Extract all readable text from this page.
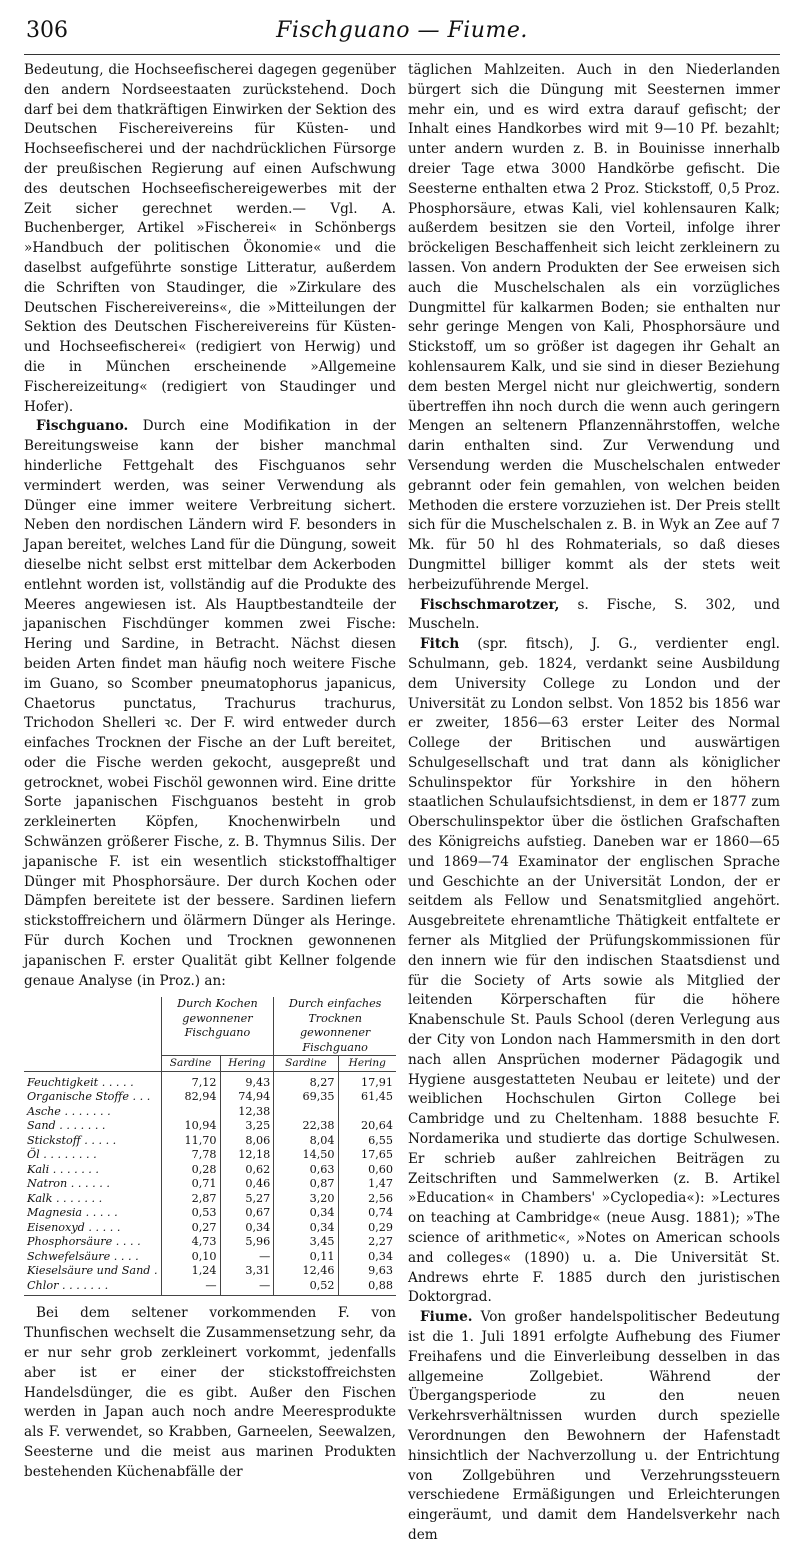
306	Fischguano — Fiume.

Bedeutung, die Hochseefischerei dagegen gegenüber den andern Nordseestaaten zurückstehend. Doch darf bei dem thatkräftigen Einwirken der Sektion des Deutschen Fischereivereins für Küsten- und Hochseefischerei und der nachdrücklichen Fürsorge der preußischen Regierung auf einen Aufschwung des deutschen Hochseefischereigewerbes mit der Zeit sicher gerechnet werden.— Vgl. A. Buchenberger, Artikel »Fischerei« in Schönbergs »Handbuch der politischen Ökonomie« und die daselbst aufgeführte sonstige Litteratur, außerdem die Schriften von Staudinger, die »Zirkulare des Deutschen Fischereivereins«, die »Mitteilungen der Sektion des Deutschen Fischereivereins für Küsten- und Hochseefischerei« (redigiert von Herwig) und die in München erscheinende »Allgemeine Fischereizeitung« (redigiert von Staudinger und Hofer).

Fischguano. Durch eine Modifikation in der Bereitungsweise kann der bisher manchmal hinderliche Fettgehalt des Fischguanos sehr vermindert werden, was seiner Verwendung als Dünger eine immer weitere Verbreitung sichert. Neben den nordischen Ländern wird F. besonders in Japan bereitet, welches Land für die Düngung, soweit dieselbe nicht selbst erst mittelbar dem Ackerboden entlehnt worden ist, vollständig auf die Produkte des Meeres angewiesen ist. Als Hauptbestandteile der japanischen Fischdünger kommen zwei Fische: Hering und Sardine, in Betracht. Nächst diesen beiden Arten findet man häufig noch weitere Fische im Guano, so Scomber pneumatophorus japanicus, Chaetorus punctatus, Trachurus trachurus, Trichodon Shelleri ꝛc. Der F. wird entweder durch einfaches Trocknen der Fische an der Luft bereitet, oder die Fische werden gekocht, ausgepreßt und getrocknet, wobei Fischöl gewonnen wird. Eine dritte Sorte japanischen Fischguanos besteht in grob zerkleinerten Köpfen, Knochenwirbeln und Schwänzen größerer Fische, z. B. Thymnus Silis. Der japanische F. ist ein wesentlich stickstoffhaltiger Dünger mit Phosphorsäure. Der durch Kochen oder Dämpfen bereitete ist der bessere. Sardinen liefern stickstoffreichern und ölärmern Dünger als Heringe. Für durch Kochen und Trocknen gewonnenen japanischen F. erster Qualität gibt Kellner folgende genaue Analyse (in Proz.) an:

	Durch Kochen gewonnener Fischguano		Durch einfaches Trocknen gewonnener Fischguano	
	Sardine	Hering	Sardine	Hering
Feuchtigkeit . . . . .	7,12	9,43	8,27	17,91
Organische Stoffe . . .	82,94	74,94	69,35	61,45
Asche . . . . . . .		12,38		
Sand . . . . . . .	10,94	3,25	22,38	20,64
Stickstoff . . . . .	11,70	8,06	8,04	6,55
Öl . . . . . . . .	7,78	12,18	14,50	17,65
Kali . . . . . . .	0,28	0,62	0,63	0,60
Natron . . . . . .	0,71	0,46	0,87	1,47
Kalk . . . . . . .	2,87	5,27	3,20	2,56
Magnesia . . . . .	0,53	0,67	0,34	0,74
Eisenoxyd . . . . .	0,27	0,34	0,34	0,29
Phosphorsäure . . . .	4,73	5,96	3,45	2,27
Schwefelsäure . . . .	0,10	—	0,11	0,34
Kieselsäure und Sand .	1,24	3,31	12,46	9,63
Chlor . . . . . . .	—	—	0,52	0,88

Bei dem seltener vorkommenden F. von Thunfischen wechselt die Zusammensetzung sehr, da er nur sehr grob zerkleinert vorkommt, jedenfalls aber ist er einer der stickstoffreichsten Handelsdünger, die es gibt. Außer den Fischen werden in Japan auch noch andre Meeresprodukte als F. verwendet, so Krabben, Garneelen, Seewalzen, Seesterne und die meist aus marinen Produkten bestehenden Küchenabfälle der

täglichen Mahlzeiten. Auch in den Niederlanden bürgert sich die Düngung mit Seesternen immer mehr ein, und es wird extra darauf gefischt; der Inhalt eines Handkorbes wird mit 9—10 Pf. bezahlt; unter andern wurden z. B. in Bouinisse innerhalb dreier Tage etwa 3000 Handkörbe gefischt. Die Seesterne enthalten etwa 2 Proz. Stickstoff, 0,5 Proz. Phosphorsäure, etwas Kali, viel kohlensauren Kalk; außerdem besitzen sie den Vorteil, infolge ihrer bröckeligen Beschaffenheit sich leicht zerkleinern zu lassen. Von andern Produkten der See erweisen sich auch die Muschelschalen als ein vorzügliches Dungmittel für kalkarmen Boden; sie enthalten nur sehr geringe Mengen von Kali, Phosphorsäure und Stickstoff, um so größer ist dagegen ihr Gehalt an kohlensaurem Kalk, und sie sind in dieser Beziehung dem besten Mergel nicht nur gleichwertig, sondern übertreffen ihn noch durch die wenn auch geringern Mengen an seltenern Pflanzennährstoffen, welche darin enthalten sind. Zur Verwendung und Versendung werden die Muschelschalen entweder gebrannt oder fein gemahlen, von welchen beiden Methoden die erstere vorzuziehen ist. Der Preis stellt sich für die Muschelschalen z. B. in Wyk an Zee auf 7 Mk. für 50 hl des Rohmaterials, so daß dieses Dungmittel billiger kommt als der stets weit herbeizuführende Mergel.

Fischschmarotzer, s. Fische, S. 302, und Muscheln.

Fitch (spr. fitsch), J. G., verdienter engl. Schulmann, geb. 1824, verdankt seine Ausbildung dem University College zu London und der Universität zu London selbst. Von 1852 bis 1856 war er zweiter, 1856—63 erster Leiter des Normal College der Britischen und auswärtigen Schulgesellschaft und trat dann als königlicher Schulinspektor für Yorkshire in den höhern staatlichen Schulaufsichtsdienst, in dem er 1877 zum Oberschulinspektor über die östlichen Grafschaften des Königreichs aufstieg. Daneben war er 1860—65 und 1869—74 Examinator der englischen Sprache und Geschichte an der Universität London, der er seitdem als Fellow und Senatsmitglied angehört. Ausgebreitete ehrenamtliche Thätigkeit entfaltete er ferner als Mitglied der Prüfungskommissionen für den innern wie für den indischen Staatsdienst und für die Society of Arts sowie als Mitglied der leitenden Körperschaften für die höhere Knabenschule St. Pauls School (deren Verlegung aus der City von London nach Hammersmith in den dort nach allen Ansprüchen moderner Pädagogik und Hygiene ausgestatteten Neubau er leitete) und der weiblichen Hochschulen Girton College bei Cambridge und zu Cheltenham. 1888 besuchte F. Nordamerika und studierte das dortige Schulwesen. Er schrieb außer zahlreichen Beiträgen zu Zeitschriften und Sammelwerken (z. B. Artikel »Education« in Chambers' »Cyclopedia«): »Lectures on teaching at Cambridge« (neue Ausg. 1881); »The science of arithmetic«, »Notes on American schools and colleges« (1890) u. a. Die Universität St. Andrews ehrte F. 1885 durch den juristischen Doktorgrad.

Fiume. Von großer handelspolitischer Bedeutung ist die 1. Juli 1891 erfolgte Aufhebung des Fiumer Freihafens und die Einverleibung desselben in das allgemeine Zollgebiet. Während der Übergangsperiode zu den neuen Verkehrsverhältnissen wurden durch spezielle Verordnungen den Bewohnern der Hafenstadt hinsichtlich der Nachverzollung u. der Entrichtung von Zollgebühren und Verzehrungssteuern verschiedene Ermäßigungen und Erleichterungen eingeräumt, und damit dem Handelsverkehr nach dem
